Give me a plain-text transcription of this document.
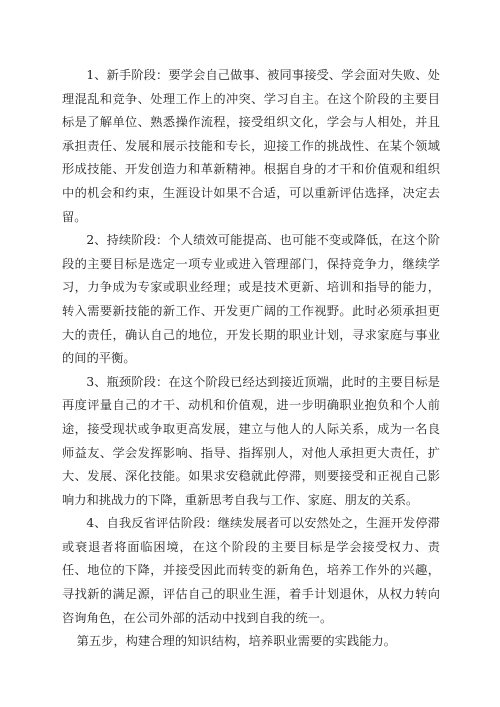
1、新手阶段：要学会自己做事、被同事接受、学会面对失败、处理混乱和竞争、处理工作上的冲突、学习自主。在这个阶段的主要目标是了解单位、熟悉操作流程，接受组织文化，学会与人相处，并且承担责任、发展和展示技能和专长，迎接工作的挑战性、在某个领域形成技能、开发创造力和革新精神。根据自身的才干和价值观和组织中的机会和约束，生涯设计如果不合适，可以重新评估选择，决定去留。

2、持续阶段：个人绩效可能提高、也可能不变或降低，在这个阶段的主要目标是选定一项专业或进入管理部门，保持竞争力，继续学习，力争成为专家或职业经理；或是技术更新、培训和指导的能力，转入需要新技能的新工作、开发更广阔的工作视野。此时必须承担更大的责任，确认自己的地位，开发长期的职业计划，寻求家庭与事业的间的平衡。

3、瓶颈阶段：在这个阶段已经达到接近顶端，此时的主要目标是再度评量自己的才干、动机和价值观，进一步明确职业抱负和个人前途，接受现状或争取更高发展，建立与他人的人际关系，成为一名良师益友、学会发挥影响、指导、指挥别人，对他人承担更大责任，扩大、发展、深化技能。如果求安稳就此停滞，则要接受和正视自己影响力和挑战力的下降，重新思考自我与工作、家庭、朋友的关系。

4、自我反省评估阶段：继续发展者可以安然处之，生涯开发停滞或衰退者将面临困境，在这个阶段的主要目标是学会接受权力、责任、地位的下降，并接受因此而转变的新角色，培养工作外的兴趣，寻找新的满足源，评估自己的职业生涯，着手计划退休，从权力转向咨询角色，在公司外部的活动中找到自我的统一。

第五步，构建合理的知识结构，培养职业需要的实践能力。
